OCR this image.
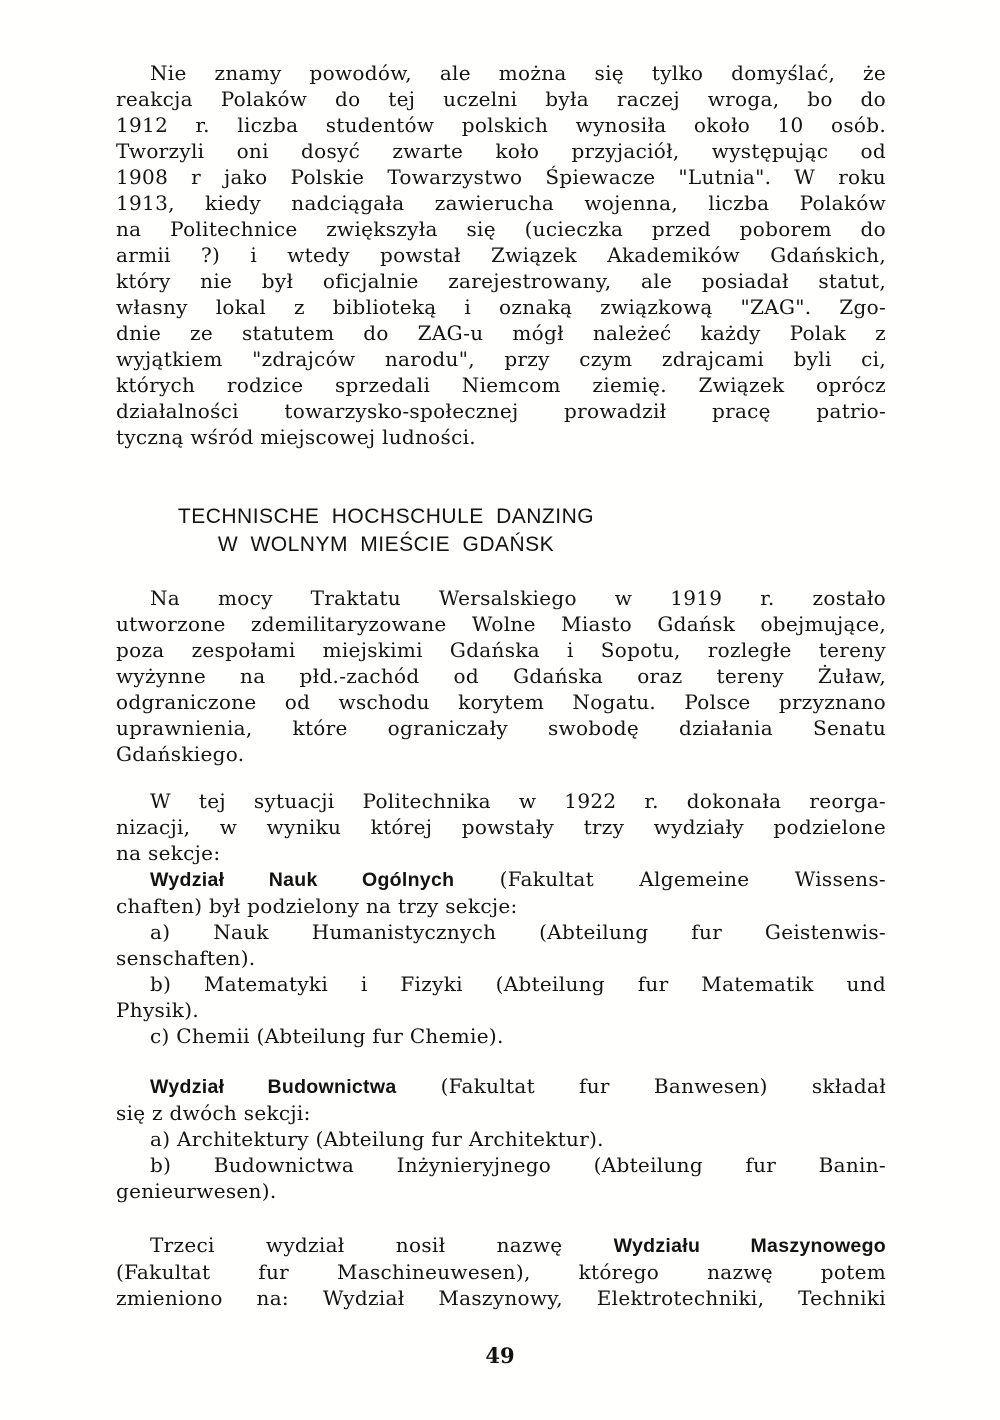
Nie znamy powodów, ale można się tylko domyślać, że
reakcja Polaków do tej uczelni była raczej wroga, bo do
1912 r. liczba studentów polskich wynosiła około 10 osób.
Tworzyli oni dosyć zwarte koło przyjaciół, występując od
1908 r jako Polskie Towarzystwo Śpiewacze "Lutnia". W roku
1913, kiedy nadciągała zawierucha wojenna, liczba Polaków
na Politechnice zwiększyła się (ucieczka przed poborem do
armii ?) i wtedy powstał Związek Akademików Gdańskich,
który nie był oficjalnie zarejestrowany, ale posiadał statut,
własny lokal z biblioteką i oznaką związkową "ZAG". Zgo-
dnie ze statutem do ZAG-u mógł należeć każdy Polak z
wyjątkiem "zdrajców narodu", przy czym zdrajcami byli ci,
których rodzice sprzedali Niemcom ziemię. Związek oprócz
działalności towarzysko-społecznej prowadził pracę patrio-
tyczną wśród miejscowej ludności.
TECHNISCHE HOCHSCHULE DANZING
W WOLNYM MIEŚCIE GDAŃSK
Na mocy Traktatu Wersalskiego w 1919 r. zostało
utworzone zdemilitaryzowane Wolne Miasto Gdańsk obejmujące,
poza zespołami miejskimi Gdańska i Sopotu, rozległe tereny
wyżynne na płd.-zachód od Gdańska oraz tereny Żuław,
odgraniczone od wschodu korytem Nogatu. Polsce przyznano
uprawnienia, które ograniczały swobodę działania Senatu
Gdańskiego.
W tej sytuacji Politechnika w 1922 r. dokonała reorga-
nizacji, w wyniku której powstały trzy wydziały podzielone
na sekcje:
Wydział Nauk Ogólnych (Fakultat Algemeine Wissens-
chaften) był podzielony na trzy sekcje:
a) Nauk Humanistycznych (Abteilung fur Geistenwis-
senschaften).
b) Matematyki i Fizyki (Abteilung fur Matematik und
Physik).
c) Chemii (Abteilung fur Chemie).
Wydział Budownictwa (Fakultat fur Banwesen) składał
się z dwóch sekcji:
a) Architektury (Abteilung fur Architektur).
b) Budownictwa Inżynieryjnego (Abteilung fur Banin-
genieurwesen).
Trzeci wydział nosił nazwę Wydziału Maszynowego
(Fakultat fur Maschineuwesen), którego nazwę potem
zmieniono na: Wydział Maszynowy, Elektrotechniki, Techniki
49
